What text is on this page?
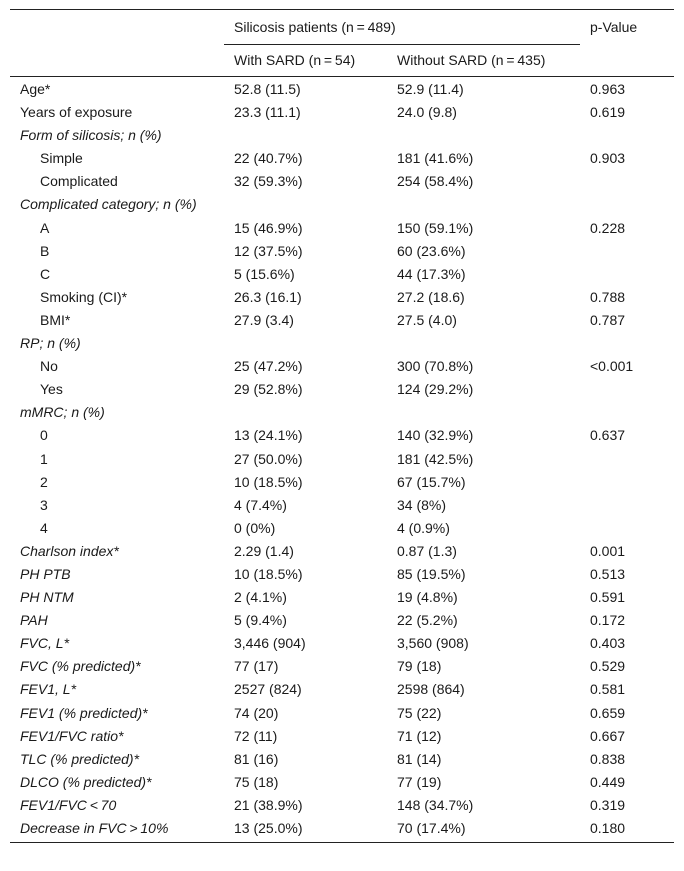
Silicosis patients (n = 489)	p-Value
With SARD (n = 54)	Without SARD (n = 435)
Age*	52.8 (11.5)	52.9 (11.4)	0.963
Years of exposure	23.3 (11.1)	24.0 (9.8)	0.619
Form of silicosis; n (%)
Simple	22 (40.7%)	181 (41.6%)	0.903
Complicated	32 (59.3%)	254 (58.4%)
Complicated category; n (%)
A	15 (46.9%)	150 (59.1%)	0.228
B	12 (37.5%)	60 (23.6%)
C	5 (15.6%)	44 (17.3%)
Smoking (CI)*	26.3 (16.1)	27.2 (18.6)	0.788
BMI*	27.9 (3.4)	27.5 (4.0)	0.787
RP; n (%)
No	25 (47.2%)	300 (70.8%)	<0.001
Yes	29 (52.8%)	124 (29.2%)
mMRC; n (%)
0	13 (24.1%)	140 (32.9%)	0.637
1	27 (50.0%)	181 (42.5%)
2	10 (18.5%)	67 (15.7%)
3	4 (7.4%)	34 (8%)
4	0 (0%)	4 (0.9%)
Charlson index*	2.29 (1.4)	0.87 (1.3)	0.001
PH PTB	10 (18.5%)	85 (19.5%)	0.513
PH NTM	2 (4.1%)	19 (4.8%)	0.591
PAH	5 (9.4%)	22 (5.2%)	0.172
FVC, L*	3,446 (904)	3,560 (908)	0.403
FVC (% predicted)*	77 (17)	79 (18)	0.529
FEV1, L*	2527 (824)	2598 (864)	0.581
FEV1 (% predicted)*	74 (20)	75 (22)	0.659
FEV1/FVC ratio*	72 (11)	71 (12)	0.667
TLC (% predicted)*	81 (16)	81 (14)	0.838
DLCO (% predicted)*	75 (18)	77 (19)	0.449
FEV1/FVC < 70	21 (38.9%)	148 (34.7%)	0.319
Decrease in FVC > 10%	13 (25.0%)	70 (17.4%)	0.180
